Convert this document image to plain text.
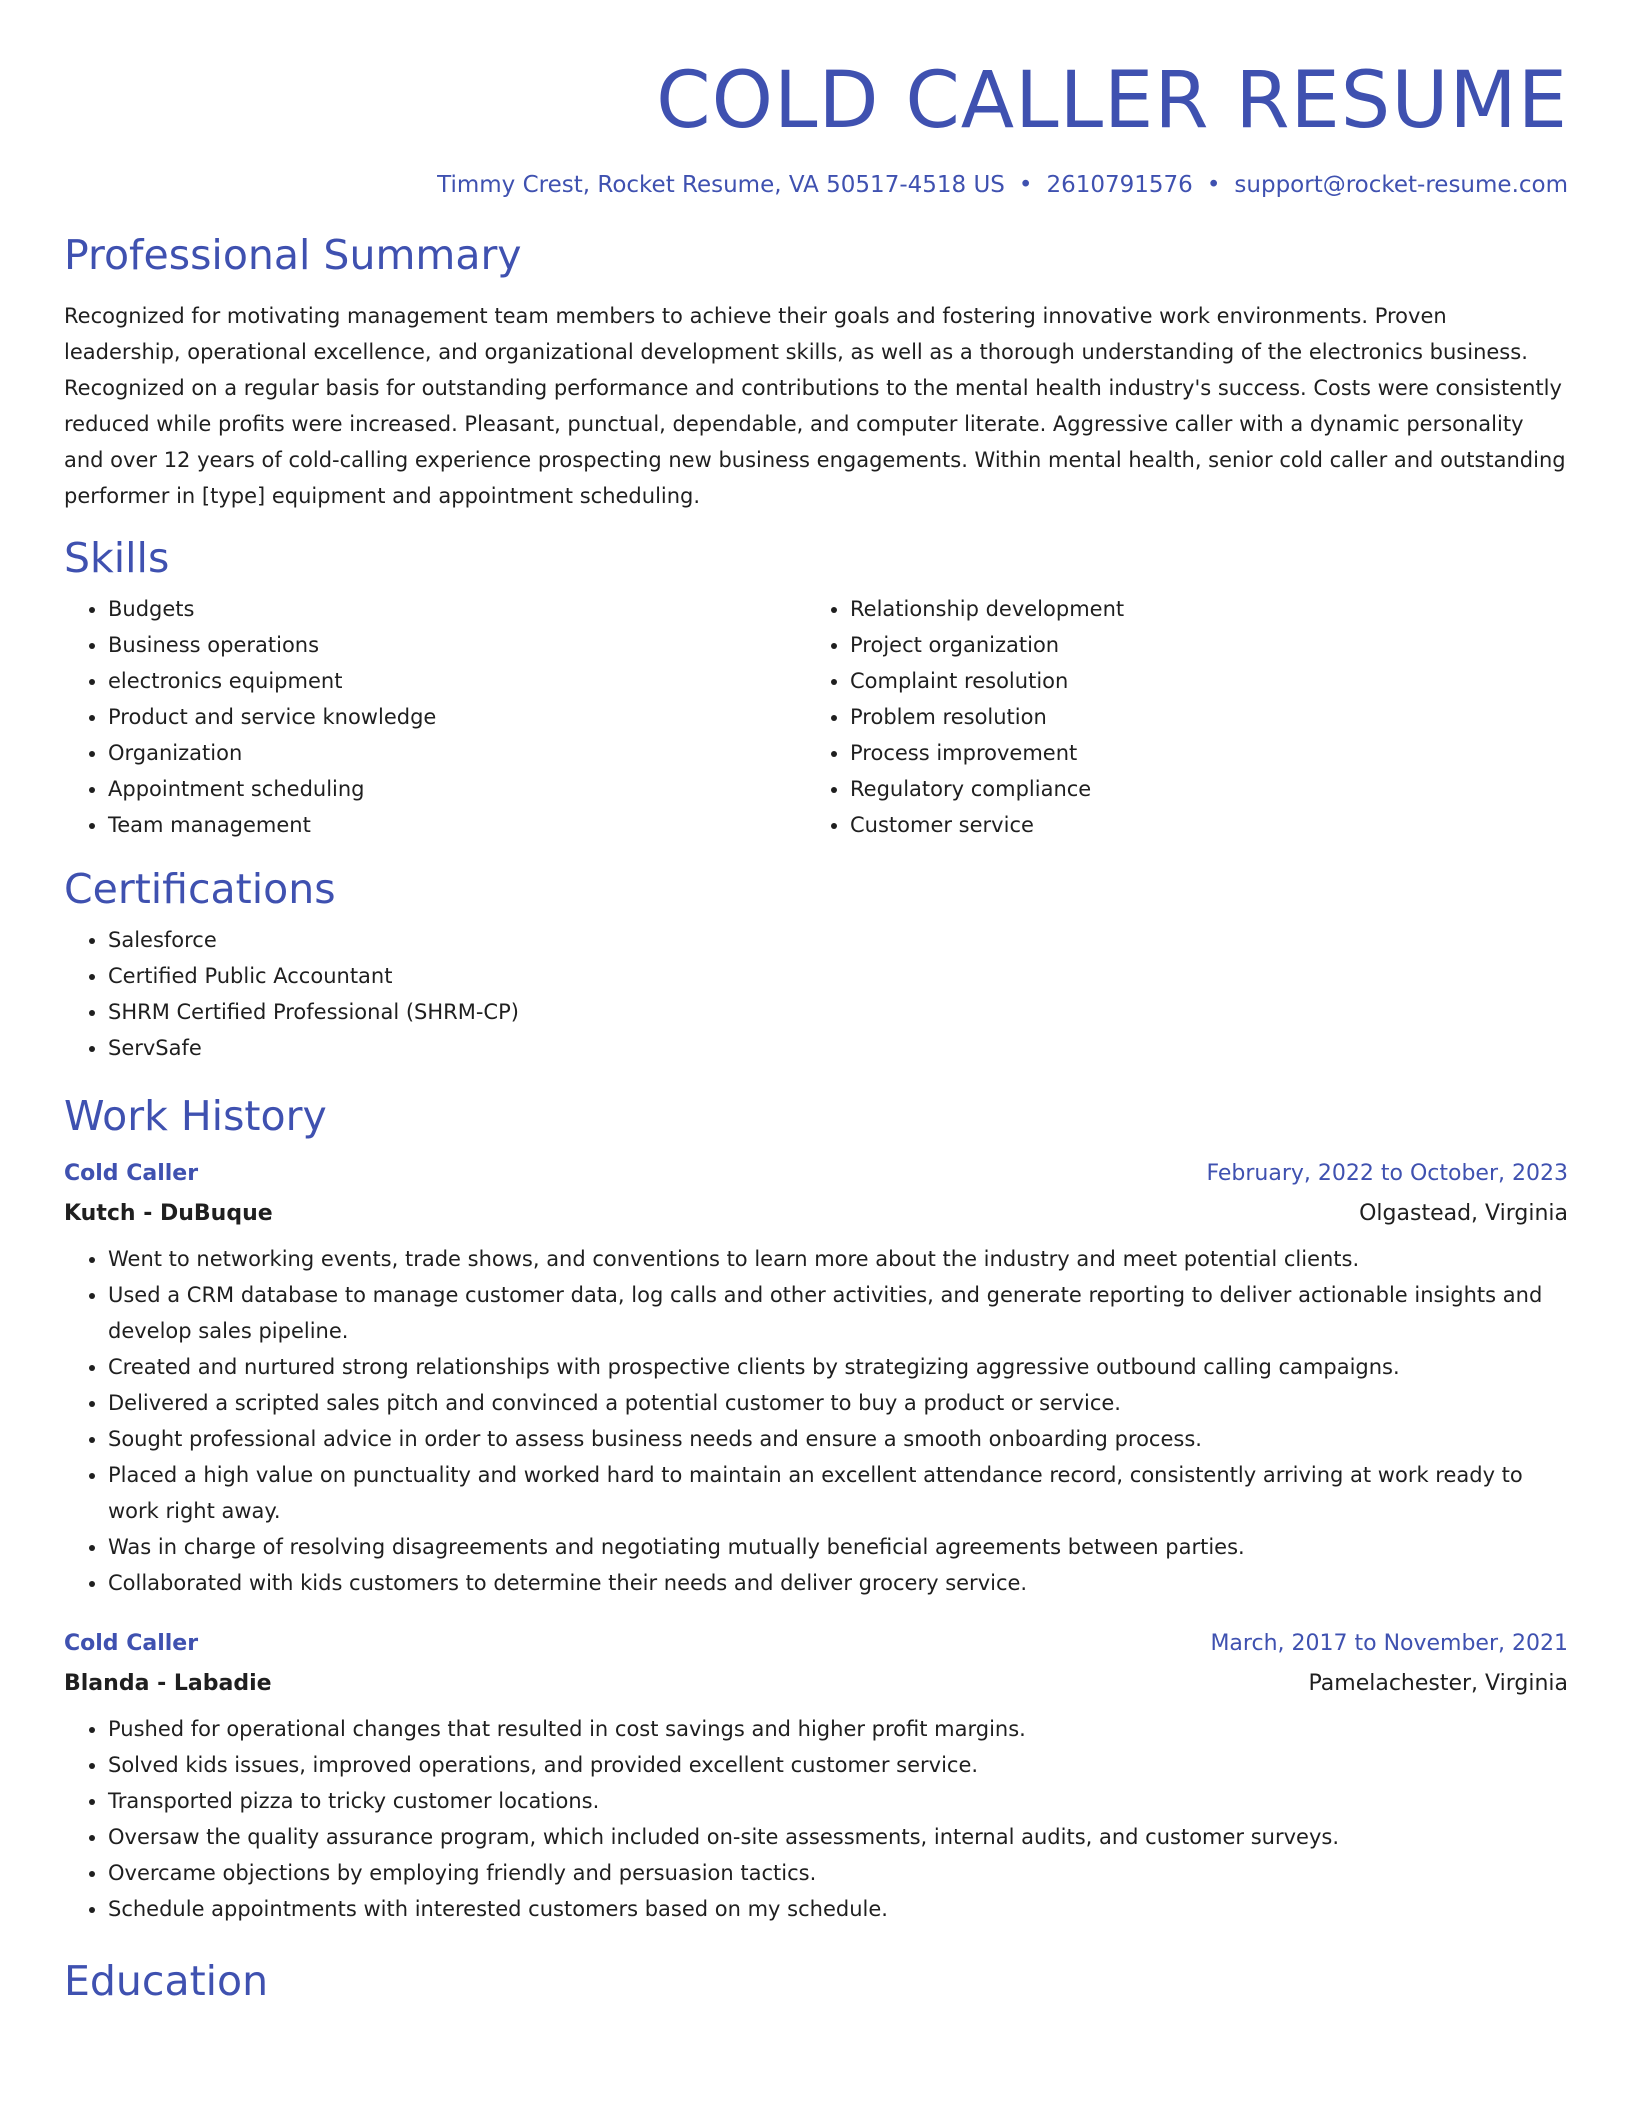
COLD CALLER RESUME
Timmy Crest, Rocket Resume, VA 50517-4518 US • 2610791576 • support@rocket-resume.com
Professional Summary

Recognized for motivating management team members to achieve their goals and fostering innovative work environments. Proven leadership, operational excellence, and organizational development skills, as well as a thorough understanding of the electronics business. Recognized on a regular basis for outstanding performance and contributions to the mental health industry's success. Costs were consistently reduced while profits were increased. Pleasant, punctual, dependable, and computer literate. Aggressive caller with a dynamic personality and over 12 years of cold-calling experience prospecting new business engagements. Within mental health, senior cold caller and outstanding performer in [type] equipment and appointment scheduling.

Skills
• Budgets
• Business operations
• electronics equipment
• Product and service knowledge
• Organization
• Appointment scheduling
• Team management
• Relationship development
• Project organization
• Complaint resolution
• Problem resolution
• Process improvement
• Regulatory compliance
• Customer service
Certifications
• Salesforce
• Certified Public Accountant
• SHRM Certified Professional (SHRM-CP)
• ServSafe
Work History
Cold Caller	February, 2022 to October, 2023
Kutch - DuBuque	Olgastead, Virginia
• Went to networking events, trade shows, and conventions to learn more about the industry and meet potential clients.
• Used a CRM database to manage customer data, log calls and other activities, and generate reporting to deliver actionable insights and develop sales pipeline.
• Created and nurtured strong relationships with prospective clients by strategizing aggressive outbound calling campaigns.
• Delivered a scripted sales pitch and convinced a potential customer to buy a product or service.
• Sought professional advice in order to assess business needs and ensure a smooth onboarding process.
• Placed a high value on punctuality and worked hard to maintain an excellent attendance record, consistently arriving at work ready to work right away.
• Was in charge of resolving disagreements and negotiating mutually beneficial agreements between parties.
• Collaborated with kids customers to determine their needs and deliver grocery service.
Cold Caller	March, 2017 to November, 2021
Blanda - Labadie	Pamelachester, Virginia
• Pushed for operational changes that resulted in cost savings and higher profit margins.
• Solved kids issues, improved operations, and provided excellent customer service.
• Transported pizza to tricky customer locations.
• Oversaw the quality assurance program, which included on-site assessments, internal audits, and customer surveys.
• Overcame objections by employing friendly and persuasion tactics.
• Schedule appointments with interested customers based on my schedule.
Education
